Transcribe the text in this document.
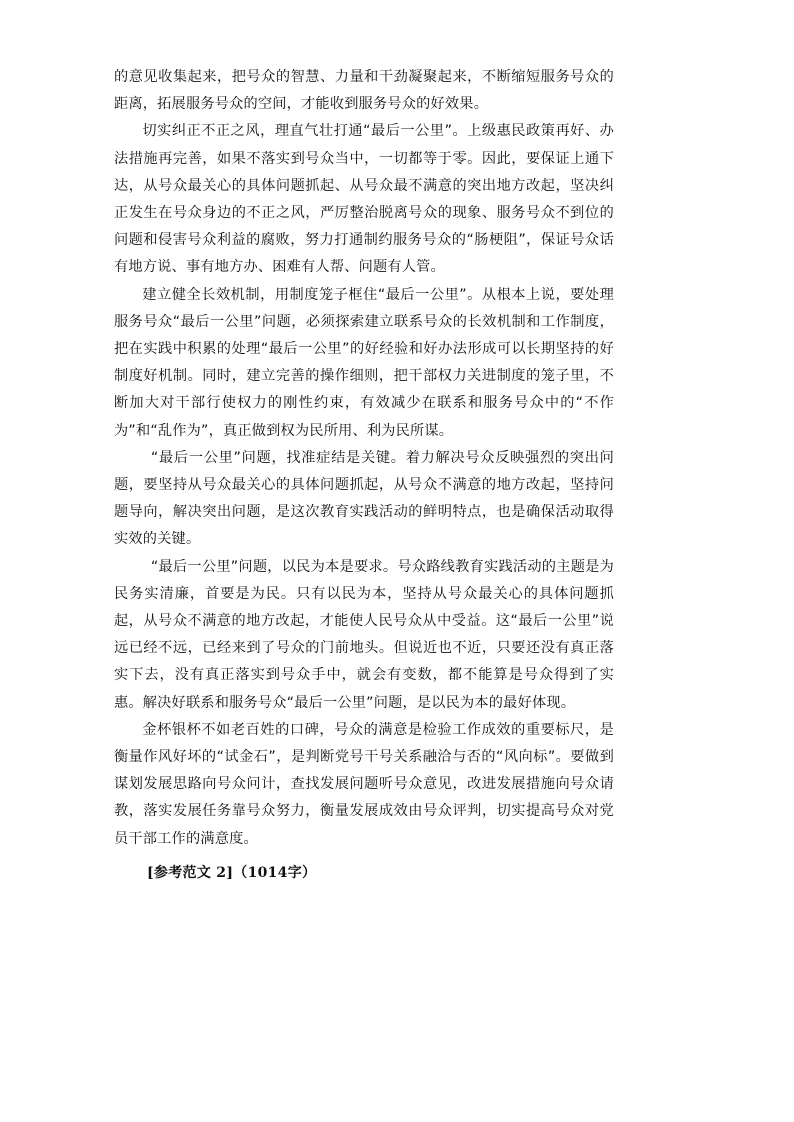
的意见收集起来，把号众的智慧、力量和干劲凝聚起来，不断缩短服务号众的距离，拓展服务号众的空间，才能收到服务号众的好效果。

切实纠正不正之风，理直气壮打通“最后一公里”。上级惠民政策再好、办法措施再完善，如果不落实到号众当中，一切都等于零。因此，要保证上通下达，从号众最关心的具体问题抓起、从号众最不满意的突出地方改起，坚决纠正发生在号众身边的不正之风，严厉整治脱离号众的现象、服务号众不到位的问题和侵害号众利益的腐败，努力打通制约服务号众的“肠梗阻”，保证号众话有地方说、事有地方办、困难有人帮、问题有人管。

建立健全长效机制，用制度笼子框住“最后一公里”。从根本上说，要处理服务号众“最后一公里”问题，必须探索建立联系号众的长效机制和工作制度，把在实践中积累的处理“最后一公里”的好经验和好办法形成可以长期坚持的好制度好机制。同时，建立完善的操作细则，把干部权力关进制度的笼子里，不断加大对干部行使权力的刚性约束，有效减少在联系和服务号众中的“不作为”和“乱作为”，真正做到权为民所用、利为民所谋。

“最后一公里”问题，找准症结是关键。着力解决号众反映强烈的突出问题，要坚持从号众最关心的具体问题抓起，从号众不满意的地方改起，坚持问题导向，解决突出问题，是这次教育实践活动的鲜明特点，也是确保活动取得实效的关键。

“最后一公里”问题，以民为本是要求。号众路线教育实践活动的主题是为民务实清廉，首要是为民。只有以民为本，坚持从号众最关心的具体问题抓起，从号众不满意的地方改起，才能使人民号众从中受益。这“最后一公里”说远已经不远，已经来到了号众的门前地头。但说近也不近，只要还没有真正落实下去，没有真正落实到号众手中，就会有变数，都不能算是号众得到了实惠。解决好联系和服务号众“最后一公里”问题，是以民为本的最好体现。

金杯银杯不如老百姓的口碑，号众的满意是检验工作成效的重要标尺，是衡量作风好坏的“试金石”，是判断党号干号关系融洽与否的“风向标”。要做到谋划发展思路向号众问计，查找发展问题听号众意见，改进发展措施向号众请教，落实发展任务靠号众努力，衡量发展成效由号众评判，切实提高号众对党员干部工作的满意度。

[参考范文 2]（1014字）
